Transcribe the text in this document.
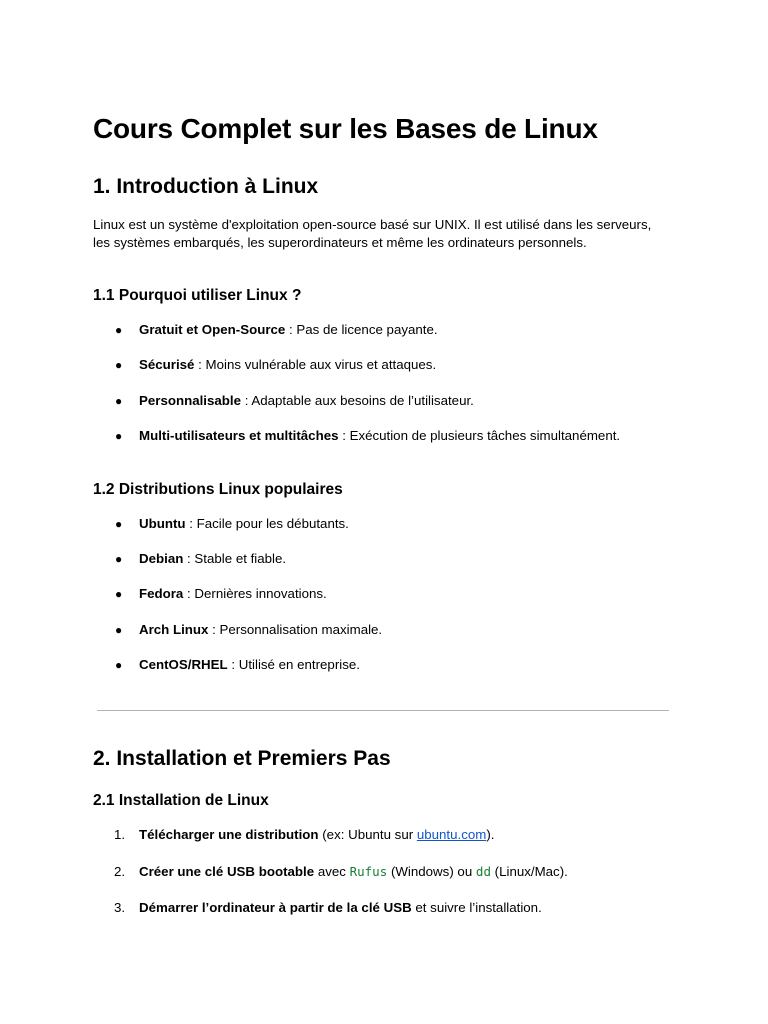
Cours Complet sur les Bases de Linux
1. Introduction à Linux

Linux est un système d'exploitation open-source basé sur UNIX. Il est utilisé dans les serveurs, les systèmes embarqués, les superordinateurs et même les ordinateurs personnels.

1.1 Pourquoi utiliser Linux ?
● Gratuit et Open-Source : Pas de licence payante.
● Sécurisé : Moins vulnérable aux virus et attaques.
● Personnalisable : Adaptable aux besoins de l’utilisateur.
● Multi-utilisateurs et multitâches : Exécution de plusieurs tâches simultanément.
1.2 Distributions Linux populaires
● Ubuntu : Facile pour les débutants.
● Debian : Stable et fiable.
● Fedora : Dernières innovations.
● Arch Linux : Personnalisation maximale.
● CentOS/RHEL : Utilisé en entreprise.
2. Installation et Premiers Pas
2.1 Installation de Linux
1. Télécharger une distribution (ex: Ubuntu sur ubuntu.com).
2. Créer une clé USB bootable avec Rufus (Windows) ou dd (Linux/Mac).
3. Démarrer l’ordinateur à partir de la clé USB et suivre l’installation.
